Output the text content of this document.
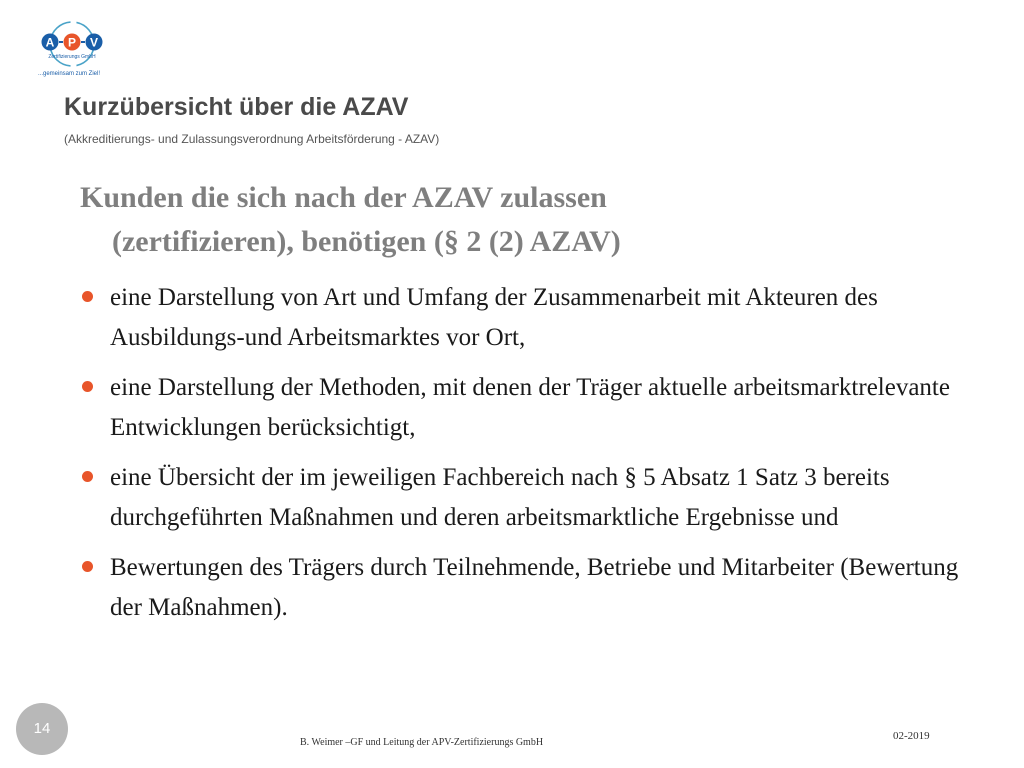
A P V
Zertifizierungs GmbH
...gemeinsam zum Ziel!
Kurzübersicht über die AZAV
(Akkreditierungs- und Zulassungsverordnung Arbeitsförderung - AZAV)
Kunden die sich nach der AZAV zulassen
(zertifizieren), benötigen (§ 2 (2) AZAV)
eine Darstellung von Art und Umfang der Zusammenarbeit mit Akteuren des Ausbildungs-und Arbeitsmarktes vor Ort,
eine Darstellung der Methoden, mit denen der Träger aktuelle arbeitsmarktrelevante Entwicklungen berücksichtigt,
eine Übersicht der im jeweiligen Fachbereich nach § 5 Absatz 1 Satz 3 bereits durchgeführten Maßnahmen und deren arbeitsmarktliche Ergebnisse und
Bewertungen des Trägers durch Teilnehmende, Betriebe und Mitarbeiter (Bewertung der Maßnahmen).
14
B. Weimer –GF und Leitung der APV-Zertifizierungs GmbH
02-2019
